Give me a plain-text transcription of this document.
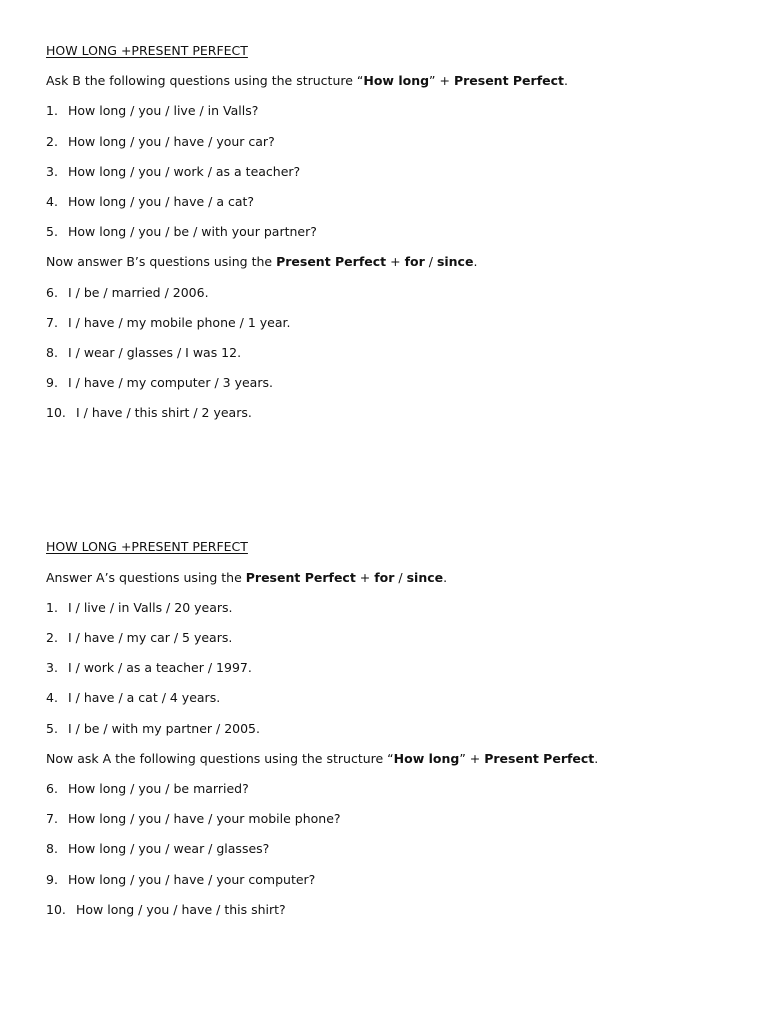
HOW LONG +PRESENT PERFECT
Ask B the following questions using the structure “How long” + Present Perfect.
1. How long / you / live / in Valls?
2. How long / you / have / your car?
3. How long / you / work / as a teacher?
4. How long / you / have / a cat?
5. How long / you / be / with your partner?
Now answer B’s questions using the Present Perfect + for / since.
6. I / be / married / 2006.
7. I / have / my mobile phone / 1 year.
8. I / wear / glasses / I was 12.
9. I / have / my computer / 3 years.
10. I / have / this shirt / 2 years.
HOW LONG +PRESENT PERFECT
Answer A’s questions using the Present Perfect + for / since.
1. I / live / in Valls / 20 years.
2. I / have / my car / 5 years.
3. I / work / as a teacher / 1997.
4. I / have / a cat / 4 years.
5. I / be / with my partner / 2005.
Now ask A the following questions using the structure “How long” + Present Perfect.
6. How long / you / be married?
7. How long / you / have / your mobile phone?
8. How long / you / wear / glasses?
9. How long / you / have / your computer?
10. How long / you / have / this shirt?
